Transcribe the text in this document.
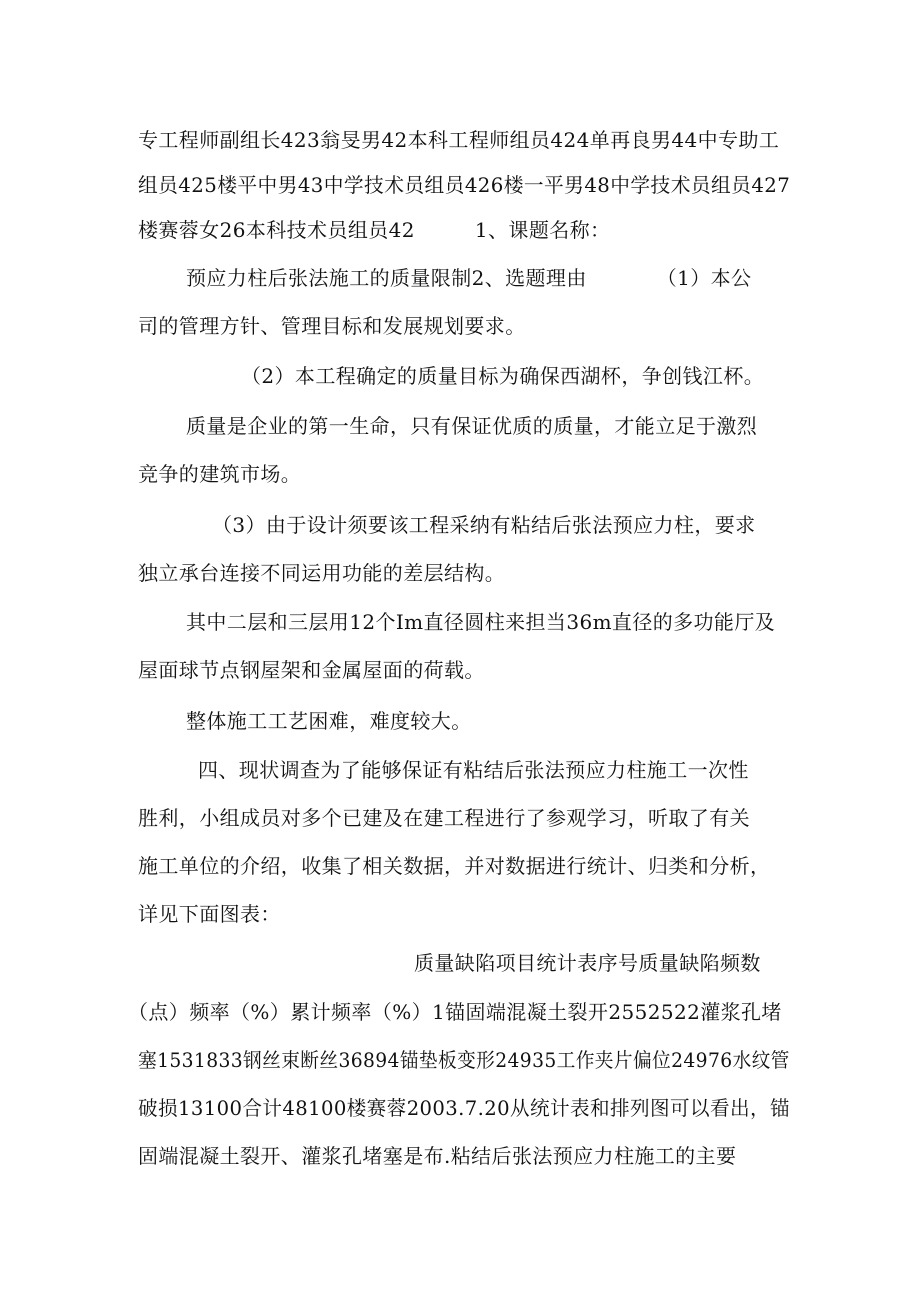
专工程师副组长423翁旻男42本科工程师组员424单再良男44中专助工
组员425楼平中男43中学技术员组员426楼一平男48中学技术员组员427
楼赛蓉女26本科技术员组员42	1、课题名称：
预应力柱后张法施工的质量限制2、选题理由	（1）本公
司的管理方针、管理目标和发展规划要求。
（2）本工程确定的质量目标为确保西湖杯，争创钱江杯。
质量是企业的第一生命，只有保证优质的质量，才能立足于激烈
竞争的建筑市场。
（3）由于设计须要该工程采纳有粘结后张法预应力柱，要求
独立承台连接不同运用功能的差层结构。
其中二层和三层用12个Im直径圆柱来担当36m直径的多功能厅及
屋面球节点钢屋架和金属屋面的荷载。
整体施工工艺困难，难度较大。
四、现状调查为了能够保证有粘结后张法预应力柱施工一次性
胜利，小组成员对多个已建及在建工程进行了参观学习，听取了有关
施工单位的介绍，收集了相关数据，并对数据进行统计、归类和分析，
详见下面图表：
质量缺陷项目统计表序号质量缺陷频数
（点）频率（%）累计频率（%）1锚固端混凝土裂开2552522灌浆孔堵
塞1531833钢丝束断丝36894锚垫板变形24935工作夹片偏位24976水纹管
破损13100合计48100楼赛蓉2003.7.20从统计表和排列图可以看出，锚
固端混凝土裂开、灌浆孔堵塞是布.粘结后张法预应力柱施工的主要
